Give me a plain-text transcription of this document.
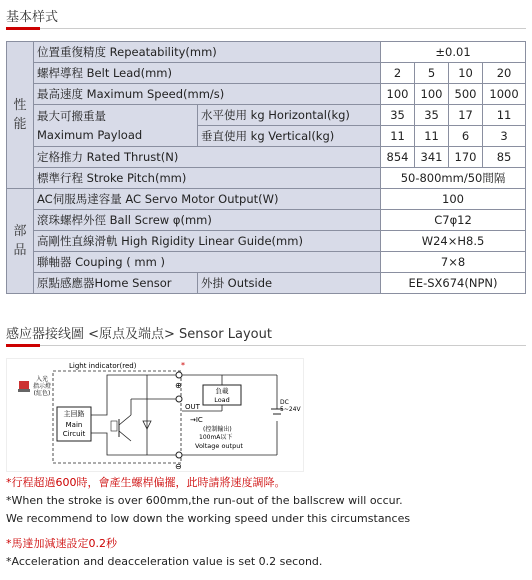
基本样式
性
能	位置重復精度 Repeatability(mm)		±0.01			
	螺桿導程 Belt Lead(mm)		2	5	10	20
	最高速度 Maximum Speed(mm/s)		100	100	500	1000
	最大可搬重量
Maximum Payload	水平使用 kg Horizontal(kg)	35	35	17	11
		垂直使用 kg Vertical(kg)	11	11	6	3
	定格推力 Rated Thrust(N)		854	341	170	85
	標準行程 Stroke Pitch(mm)		50-800mm/50間隔			
部
品	AC伺服馬達容量 AC Servo Motor Output(W)		100			
	滾珠螺桿外徑 Ball Screw φ(mm)		C7φ12			
	高剛性直線滑軌 High Rigidity Linear Guide(mm)		W24×H8.5			
	聯軸器 Couping ( mm )		7×8			
	原點感應器Home Sensor	外掛 Outside	EE-SX674(NPN)			
感应器接线圖 <原点及端点> Sensor Layout
入光
指示燈
(紅色)
Light indicator(red)	*
主回路
Main
Circuit
⊕
⊖
DC
5~24V
負載
Load
OUT
→IC
(控制輸出)
100mA以下
Voltage output
*行程超過600時，會產生螺桿偏擺，此時請將速度調降。
*When the stroke is over 600mm,the run-out of the ballscrew will occur.
We recommend to low down the working speed under this circumstances
*馬達加減速設定0.2秒
*Acceleration and deacceleration value is set 0.2 second.
